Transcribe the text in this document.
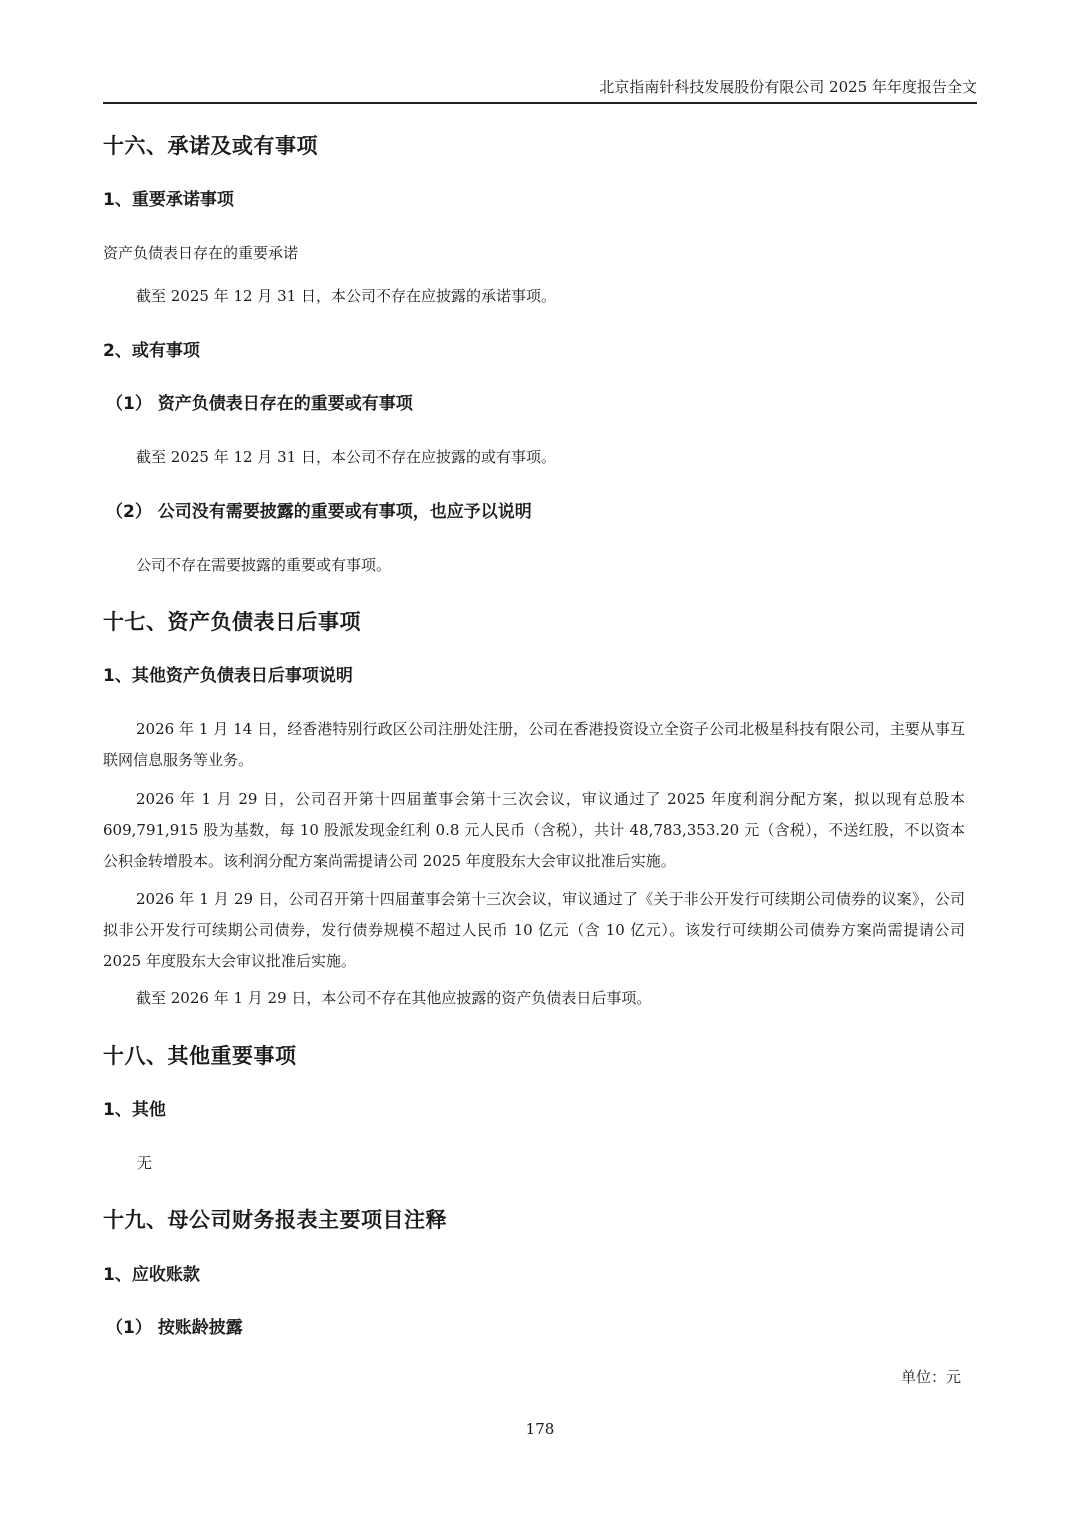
北京指南针科技发展股份有限公司 2025 年年度报告全文
十六、承诺及或有事项
1、重要承诺事项

资产负债表日存在的重要承诺

截至 2025 年 12 月 31 日，本公司不存在应披露的承诺事项。

2、或有事项
（1） 资产负债表日存在的重要或有事项

截至 2025 年 12 月 31 日，本公司不存在应披露的或有事项。

（2） 公司没有需要披露的重要或有事项，也应予以说明

公司不存在需要披露的重要或有事项。

十七、资产负债表日后事项
1、其他资产负债表日后事项说明

2026 年 1 月 14 日，经香港特别行政区公司注册处注册，公司在香港投资设立全资子公司北极星科技有限公司，主要从事互联网信息服务等业务。

2026 年 1 月 29 日，公司召开第十四届董事会第十三次会议，审议通过了 2025 年度利润分配方案，拟以现有总股本 609,791,915 股为基数，每 10 股派发现金红利 0.8 元人民币（含税），共计 48,783,353.20 元（含税），不送红股，不以资本公积金转增股本。该利润分配方案尚需提请公司 2025 年度股东大会审议批准后实施。

2026 年 1 月 29 日，公司召开第十四届董事会第十三次会议，审议通过了《关于非公开发行可续期公司债券的议案》，公司拟非公开发行可续期公司债券，发行债券规模不超过人民币 10 亿元（含 10 亿元）。该发行可续期公司债券方案尚需提请公司 2025 年度股东大会审议批准后实施。

截至 2026 年 1 月 29 日，本公司不存在其他应披露的资产负债表日后事项。

十八、其他重要事项
1、其他

无

十九、母公司财务报表主要项目注释
1、应收账款
（1） 按账龄披露
单位：元
178
